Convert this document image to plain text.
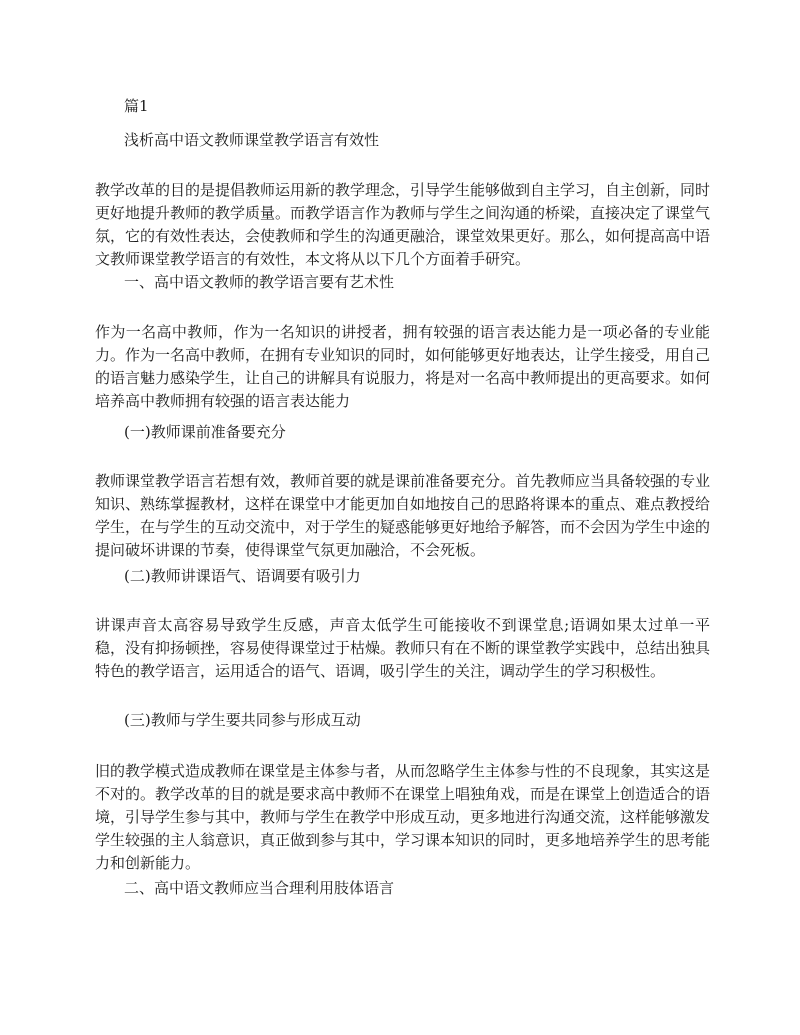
篇1
浅析高中语文教师课堂教学语言有效性
教学改革的目的是提倡教师运用新的教学理念，引导学生能够做到自主学习，自主创新，同时更好地提升教师的教学质量。而教学语言作为教师与学生之间沟通的桥梁，直接决定了课堂气氛，它的有效性表达，会使教师和学生的沟通更融洽，课堂效果更好。那么，如何提高高中语文教师课堂教学语言的有效性，本文将从以下几个方面着手研究。
一、高中语文教师的教学语言要有艺术性
作为一名高中教师，作为一名知识的讲授者，拥有较强的语言表达能力是一项必备的专业能力。作为一名高中教师，在拥有专业知识的同时，如何能够更好地表达，让学生接受，用自己的语言魅力感染学生，让自己的讲解具有说服力，将是对一名高中教师提出的更高要求。如何培养高中教师拥有较强的语言表达能力
(一)教师课前准备要充分
教师课堂教学语言若想有效，教师首要的就是课前准备要充分。首先教师应当具备较强的专业知识、熟练掌握教材，这样在课堂中才能更加自如地按自己的思路将课本的重点、难点教授给学生，在与学生的互动交流中，对于学生的疑惑能够更好地给予解答，而不会因为学生中途的提问破坏讲课的节奏，使得课堂气氛更加融洽，不会死板。
(二)教师讲课语气、语调要有吸引力
讲课声音太高容易导致学生反感，声音太低学生可能接收不到课堂息;语调如果太过单一平稳，没有抑扬顿挫，容易使得课堂过于枯燥。教师只有在不断的课堂教学实践中，总结出独具特色的教学语言，运用适合的语气、语调，吸引学生的关注，调动学生的学习积极性。
(三)教师与学生要共同参与形成互动
旧的教学模式造成教师在课堂是主体参与者，从而忽略学生主体参与性的不良现象，其实这是不对的。教学改革的目的就是要求高中教师不在课堂上唱独角戏，而是在课堂上创造适合的语境，引导学生参与其中，教师与学生在教学中形成互动，更多地进行沟通交流，这样能够激发学生较强的主人翁意识，真正做到参与其中，学习课本知识的同时，更多地培养学生的思考能力和创新能力。
二、高中语文教师应当合理利用肢体语言
